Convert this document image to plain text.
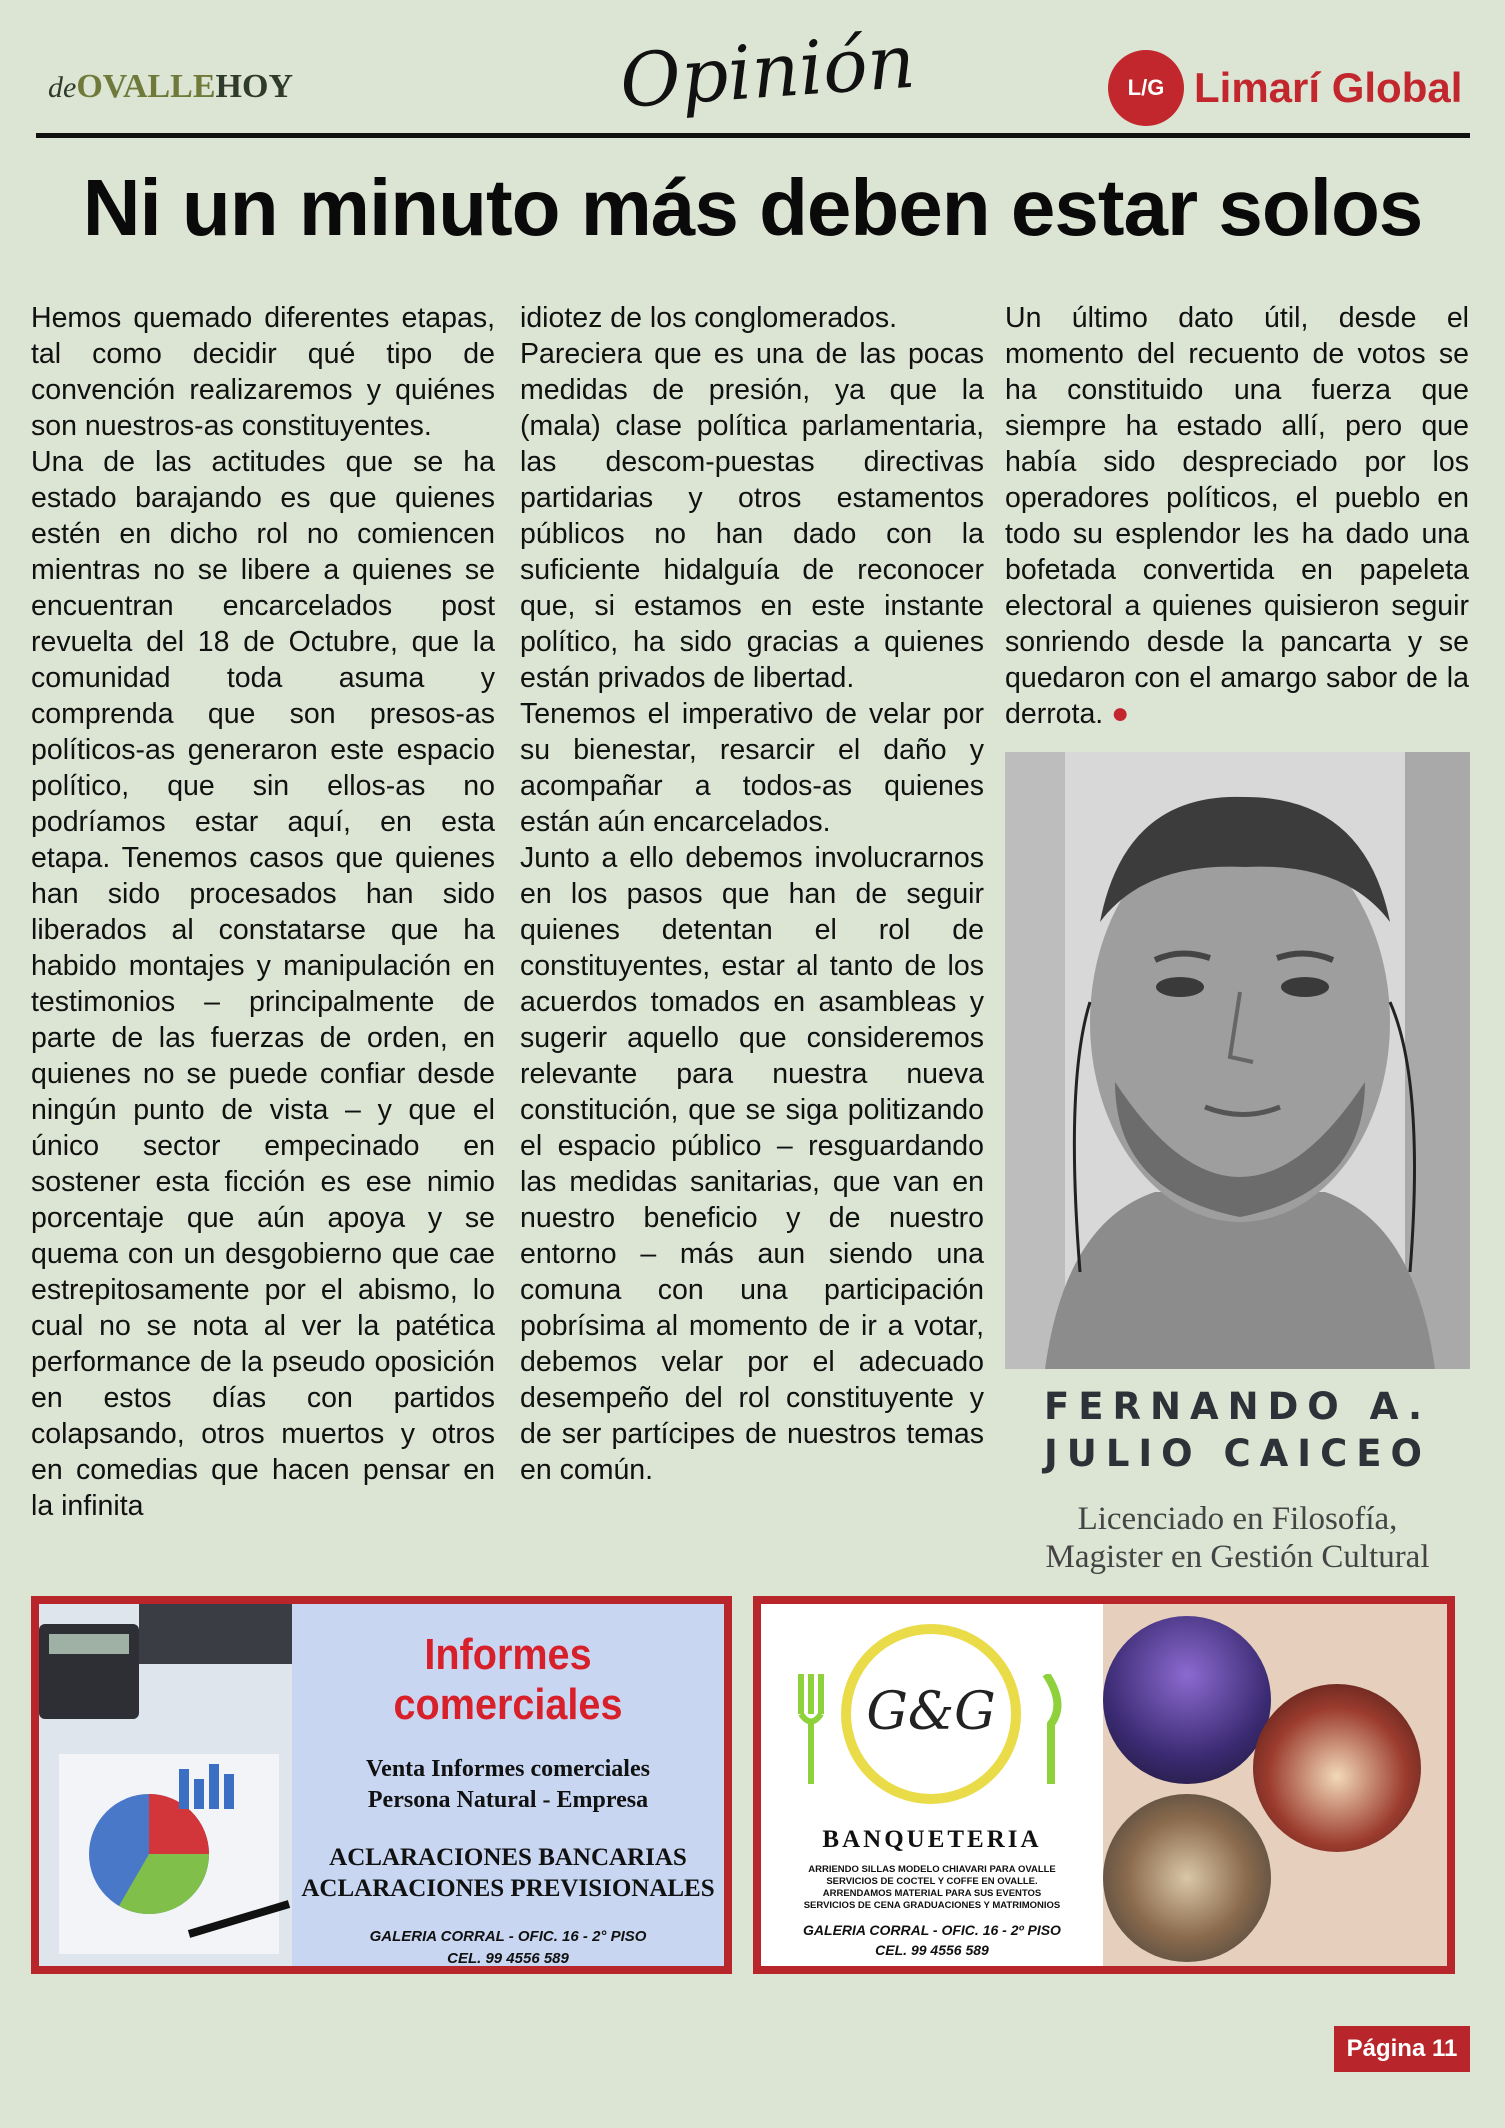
deOVALLEHOY	Opinión	L/G Limarí Global
Ni un minuto más deben estar solos

Hemos quemado diferentes etapas, tal como decidir qué tipo de convención realizaremos y quiénes son nuestros-as constituyentes.

Una de las actitudes que se ha estado barajando es que quienes estén en dicho rol no comiencen mientras no se libere a quienes se encuentran encarcelados post revuelta del 18 de Octubre, que la comunidad toda asuma y comprenda que son presos-as políticos-as generaron este espacio político, que sin ellos-as no podríamos estar aquí, en esta etapa. Tenemos casos que quienes han sido procesados han sido liberados al constatarse que ha habido montajes y manipulación en testimonios – principalmente de parte de las fuerzas de orden, en quienes no se puede confiar desde ningún punto de vista – y que el único sector empecinado en sostener esta ficción es ese nimio porcentaje que aún apoya y se quema con un desgobierno que cae estrepitosamente por el abismo, lo cual no se nota al ver la patética performance de la pseudo oposición en estos días con partidos colapsando, otros muertos y otros en comedias que hacen pensar en la infinita

idiotez de los conglomerados.

Pareciera que es una de las pocas medidas de presión, ya que la (mala) clase política parlamentaria, las descom-puestas directivas partidarias y otros estamentos públicos no han dado con la suficiente hidalguía de reconocer que, si estamos en este instante político, ha sido gracias a quienes están privados de libertad.

Tenemos el imperativo de velar por su bienestar, resarcir el daño y acompañar a todos-as quienes están aún encarcelados.

Junto a ello debemos involucrarnos en los pasos que han de seguir quienes detentan el rol de constituyentes, estar al tanto de los acuerdos tomados en asambleas y sugerir aquello que consideremos relevante para nuestra nueva constitución, que se siga politizando el espacio público – resguardando las medidas sanitarias, que van en nuestro beneficio y de nuestro entorno – más aun siendo una comuna con una participación pobrísima al momento de ir a votar, debemos velar por el adecuado desempeño del rol constituyente y de ser partícipes de nuestros temas en común.

Un último dato útil, desde el momento del recuento de votos se ha constituido una fuerza que siempre ha estado allí, pero que había sido despreciado por los operadores políticos, el pueblo en todo su esplendor les ha dado una bofetada convertida en papeleta electoral a quienes quisieron seguir sonriendo desde la pancarta y se quedaron con el amargo sabor de la derrota. ●

FERNANDO A.
JULIO CAICEO
Licenciado en Filosofía,
Magister en Gestión Cultural
Informes comerciales
Venta Informes comerciales
Persona Natural - Empresa
ACLARACIONES BANCARIAS
ACLARACIONES PREVISIONALES
GALERIA CORRAL - OFIC. 16 - 2° PISO
CEL. 99 4556 589
G&G
BANQUETERIA
ARRIENDO SILLAS MODELO CHIAVARI PARA OVALLE
SERVICIOS DE COCTEL Y COFFE EN OVALLE.
ARRENDAMOS MATERIAL PARA SUS EVENTOS
SERVICIOS DE CENA GRADUACIONES Y MATRIMONIOS
GALERIA CORRAL - OFIC. 16 - 2º PISO
CEL. 99 4556 589
Página 11
